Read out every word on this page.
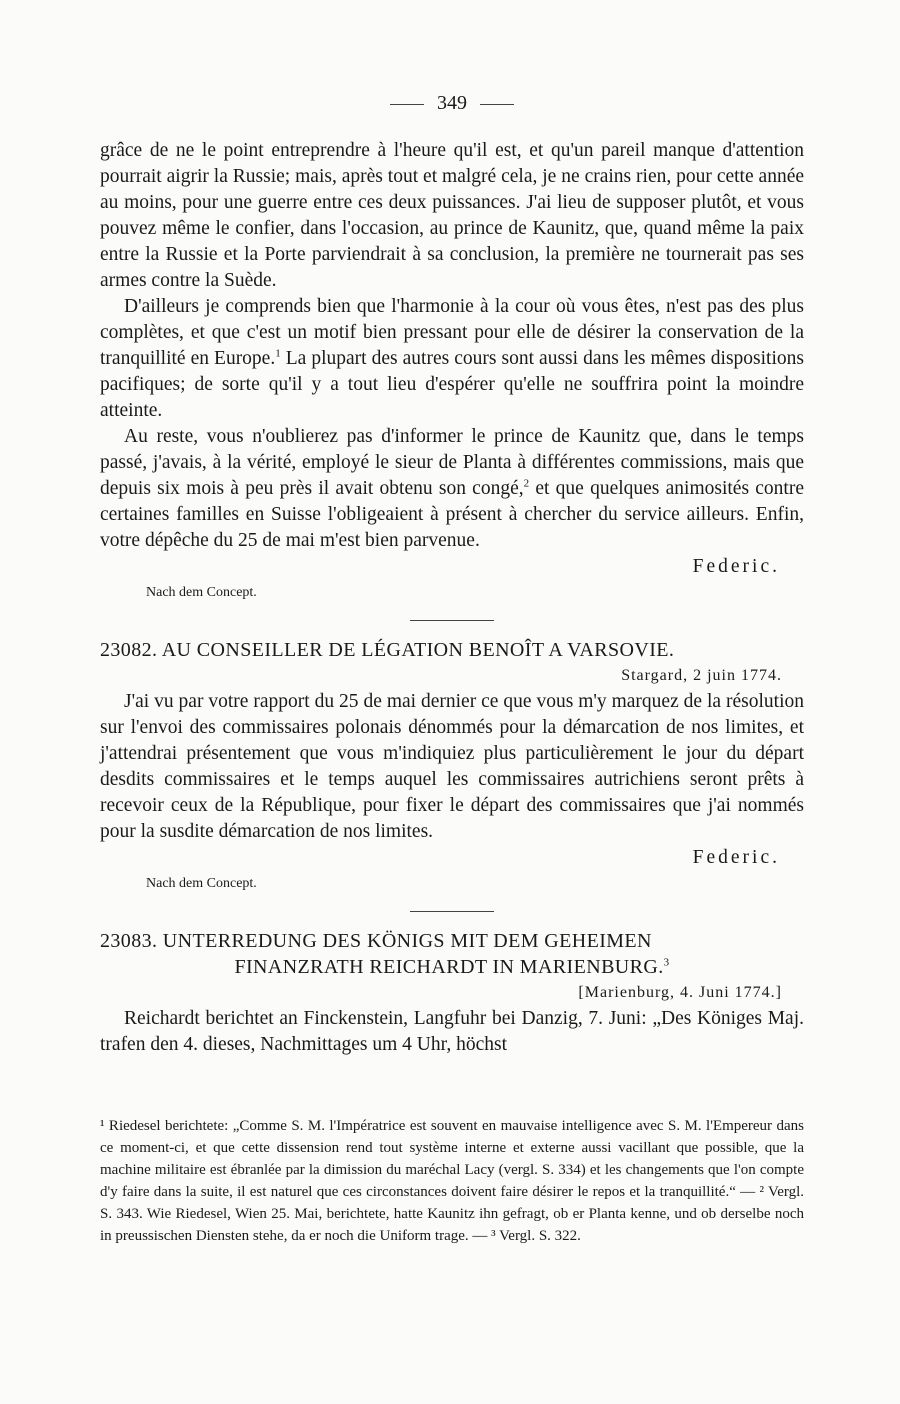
349

grâce de ne le point entreprendre à l'heure qu'il est, et qu'un pareil manque d'attention pourrait aigrir la Russie; mais, après tout et malgré cela, je ne crains rien, pour cette année au moins, pour une guerre entre ces deux puissances. J'ai lieu de supposer plutôt, et vous pouvez même le confier, dans l'occasion, au prince de Kaunitz, que, quand même la paix entre la Russie et la Porte parviendrait à sa conclusion, la première ne tournerait pas ses armes contre la Suède.

D'ailleurs je comprends bien que l'harmonie à la cour où vous êtes, n'est pas des plus complètes, et que c'est un motif bien pressant pour elle de désirer la conservation de la tranquillité en Europe.$^1$ La plupart des autres cours sont aussi dans les mêmes dispositions pacifiques; de sorte qu'il y a tout lieu d'espérer qu'elle ne souffrira point la moindre atteinte.

Au reste, vous n'oublierez pas d'informer le prince de Kaunitz que, dans le temps passé, j'avais, à la vérité, employé le sieur de Planta à différentes commissions, mais que depuis six mois à peu près il avait obtenu son congé,$^2$ et que quelques animosités contre certaines familles en Suisse l'obligeaient à présent à chercher du service ailleurs. Enfin, votre dépêche du 25 de mai m'est bien parvenue.

Federic.

Nach dem Concept.

23082. AU CONSEILLER DE LÉGATION BENOÎT A VARSOVIE.

Stargard, 2 juin 1774.

J'ai vu par votre rapport du 25 de mai dernier ce que vous m'y marquez de la résolution sur l'envoi des commissaires polonais dénommés pour la démarcation de nos limites, et j'attendrai présentement que vous m'indiquiez plus particulièrement le jour du départ desdits commissaires et le temps auquel les commissaires autrichiens seront prêts à recevoir ceux de la République, pour fixer le départ des commissaires que j'ai nommés pour la susdite démarcation de nos limites.

Federic.

Nach dem Concept.

23083. UNTERREDUNG DES KÖNIGS MIT DEM GEHEIMEN

FINANZRATH REICHARDT IN MARIENBURG.$^3$

[Marienburg, 4. Juni 1774.]

Reichardt berichtet an Finckenstein, Langfuhr bei Danzig, 7. Juni: „Des Königes Maj. trafen den 4. dieses, Nachmittages um 4 Uhr, höchst

¹ Riedesel berichtete: „Comme S. M. l'Impératrice est souvent en mauvaise intelligence avec S. M. l'Empereur dans ce moment-ci, et que cette dissension rend tout système interne et externe aussi vacillant que possible, que la machine militaire est ébranlée par la dimission du maréchal Lacy (vergl. S. 334) et les changements que l'on compte d'y faire dans la suite, il est naturel que ces circonstances doivent faire désirer le repos et la tranquillité.“ — ² Vergl. S. 343. Wie Riedesel, Wien 25. Mai, berichtete, hatte Kaunitz ihn gefragt, ob er Planta kenne, und ob derselbe noch in preussischen Diensten stehe, da er noch die Uniform trage. — ³ Vergl. S. 322.
